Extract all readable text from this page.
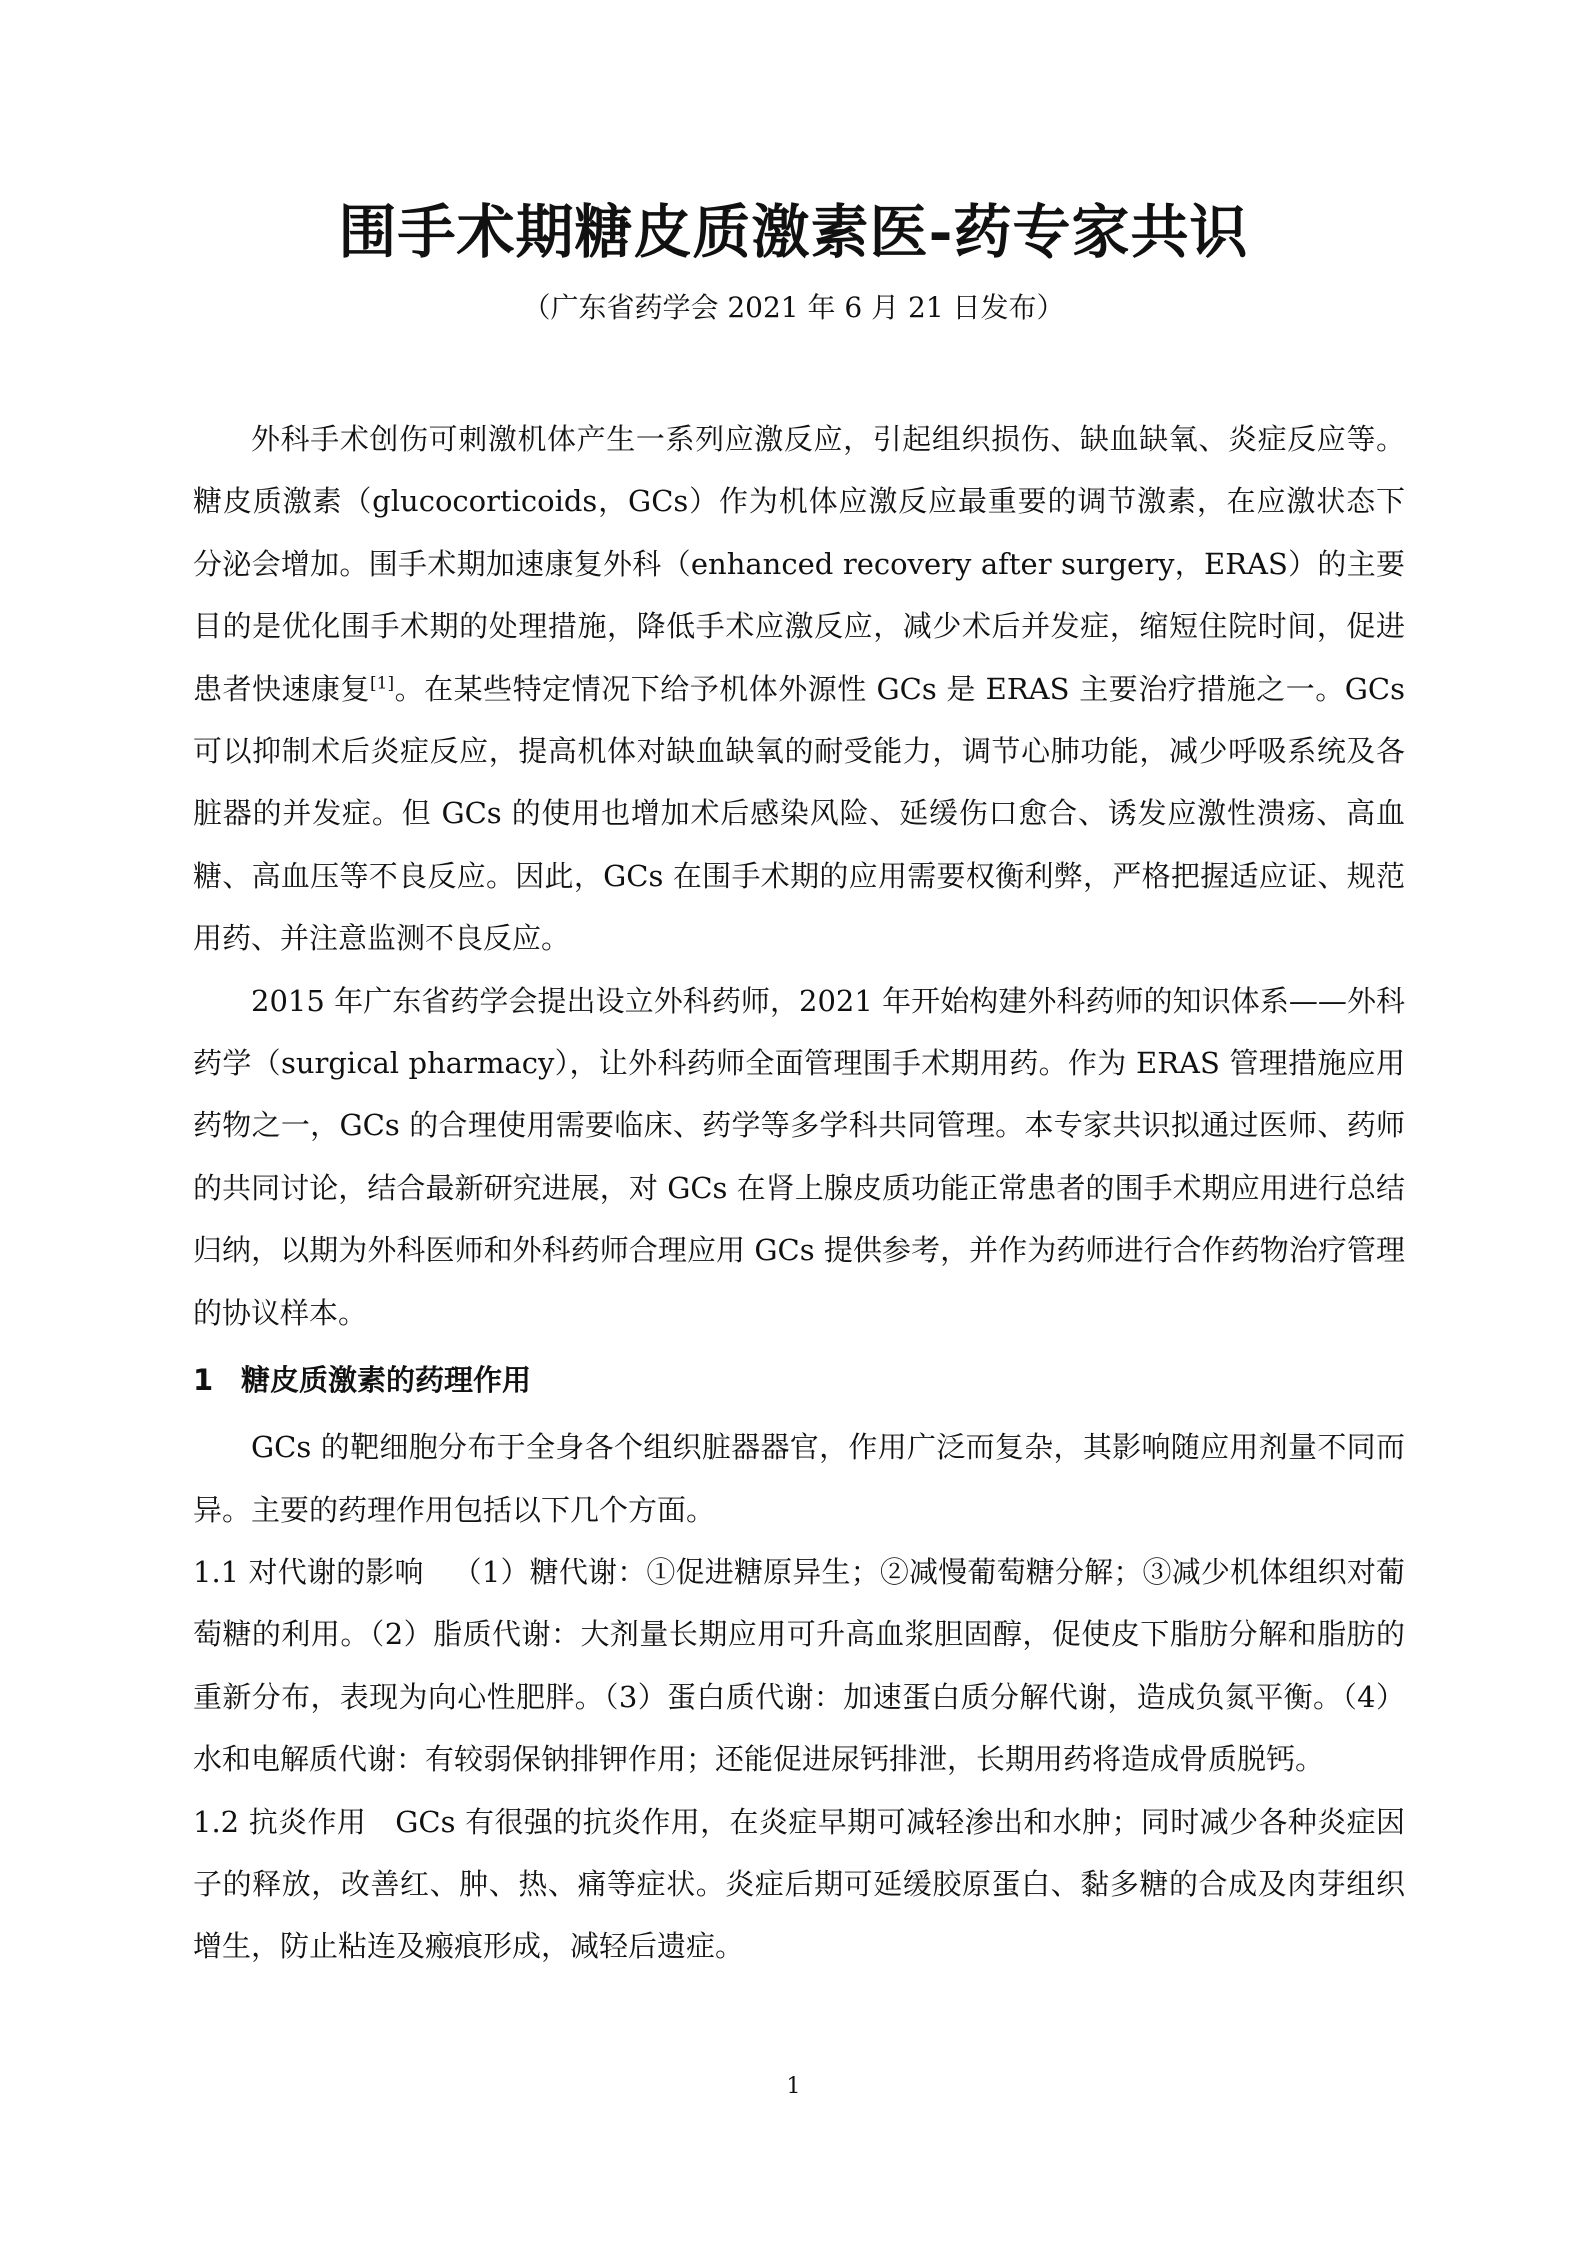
围手术期糖皮质激素医-药专家共识
（广东省药学会 2021 年 6 月 21 日发布）

外科手术创伤可刺激机体产生一系列应激反应，引起组织损伤、缺血缺氧、炎症反应等。糖皮质激素（glucocorticoids，GCs）作为机体应激反应最重要的调节激素，在应激状态下分泌会增加。围手术期加速康复外科（enhanced recovery after surgery，ERAS）的主要目的是优化围手术期的处理措施，降低手术应激反应，减少术后并发症，缩短住院时间，促进患者快速康复[1]。在某些特定情况下给予机体外源性 GCs 是 ERAS 主要治疗措施之一。GCs 可以抑制术后炎症反应，提高机体对缺血缺氧的耐受能力，调节心肺功能，减少呼吸系统及各脏器的并发症。但 GCs 的使用也增加术后感染风险、延缓伤口愈合、诱发应激性溃疡、高血糖、高血压等不良反应。因此，GCs 在围手术期的应用需要权衡利弊，严格把握适应证、规范用药、并注意监测不良反应。

2015 年广东省药学会提出设立外科药师，2021 年开始构建外科药师的知识体系——外科药学（surgical pharmacy），让外科药师全面管理围手术期用药。作为 ERAS 管理措施应用药物之一，GCs 的合理使用需要临床、药学等多学科共同管理。本专家共识拟通过医师、药师的共同讨论，结合最新研究进展，对 GCs 在肾上腺皮质功能正常患者的围手术期应用进行总结归纳，以期为外科医师和外科药师合理应用 GCs 提供参考，并作为药师进行合作药物治疗管理的协议样本。

1 糖皮质激素的药理作用

GCs 的靶细胞分布于全身各个组织脏器器官，作用广泛而复杂，其影响随应用剂量不同而异。主要的药理作用包括以下几个方面。

1.1 对代谢的影响 （1）糖代谢：①促进糖原异生；②减慢葡萄糖分解；③减少机体组织对葡萄糖的利用。（2）脂质代谢：大剂量长期应用可升高血浆胆固醇，促使皮下脂肪分解和脂肪的重新分布，表现为向心性肥胖。（3）蛋白质代谢：加速蛋白质分解代谢，造成负氮平衡。（4）水和电解质代谢：有较弱保钠排钾作用；还能促进尿钙排泄，长期用药将造成骨质脱钙。

1.2 抗炎作用 GCs 有很强的抗炎作用，在炎症早期可减轻渗出和水肿；同时减少各种炎症因子的释放，改善红、肿、热、痛等症状。炎症后期可延缓胶原蛋白、黏多糖的合成及肉芽组织增生，防止粘连及瘢痕形成，减轻后遗症。

1
